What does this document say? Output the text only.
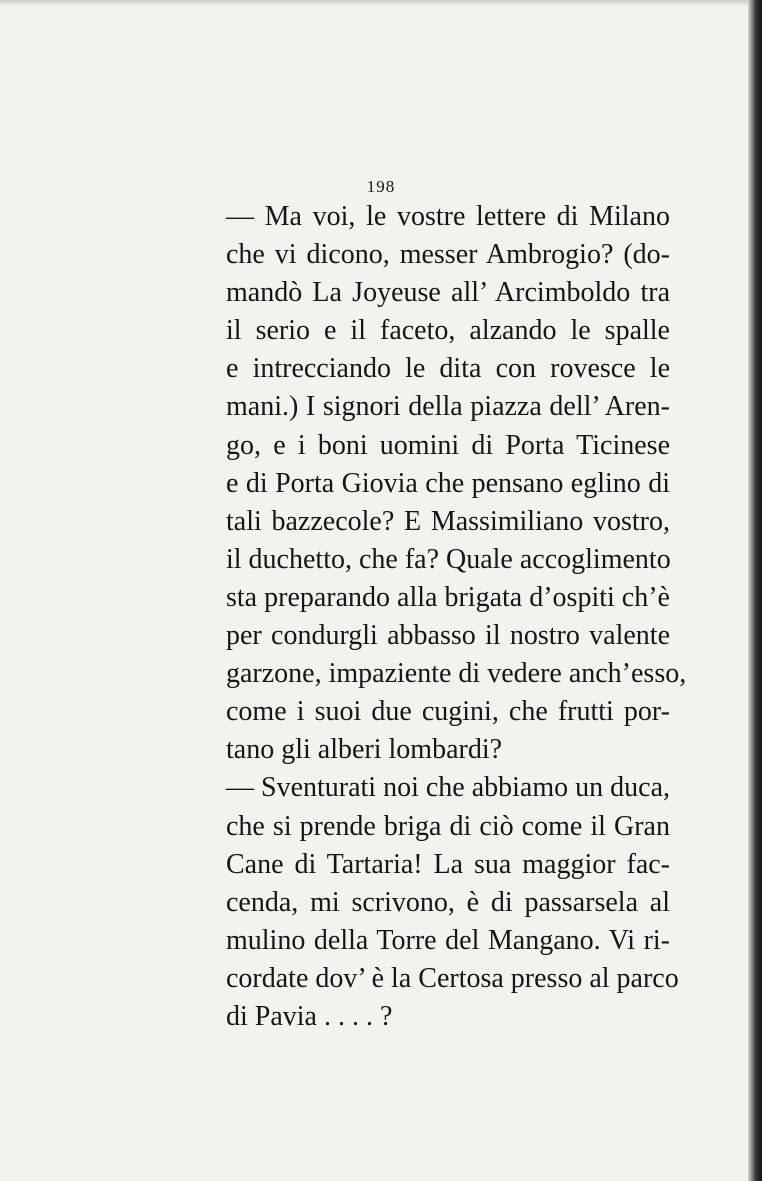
198
— Ma voi, le vostre lettere di Milano
che vi dicono, messer Ambrogio? (do-
mandò La Joyeuse all’ Arcimboldo tra
il serio e il faceto, alzando le spalle
e intrecciando le dita con rovesce le
mani.) I signori della piazza dell’ Aren-
go, e i boni uomini di Porta Ticinese
e di Porta Giovia che pensano eglino di
tali bazzecole? E Massimiliano vostro,
il duchetto, che fa? Quale accoglimento
sta preparando alla brigata d’ospiti ch’è
per condurgli abbasso il nostro valente
garzone, impaziente di vedere anch’esso,
come i suoi due cugini, che frutti por-
tano gli alberi lombardi?
— Sventurati noi che abbiamo un duca,
che si prende briga di ciò come il Gran
Cane di Tartaria! La sua maggior fac-
cenda, mi scrivono, è di passarsela al
mulino della Torre del Mangano. Vi ri-
cordate dov’ è la Certosa presso al parco
di Pavia . . . . ?
